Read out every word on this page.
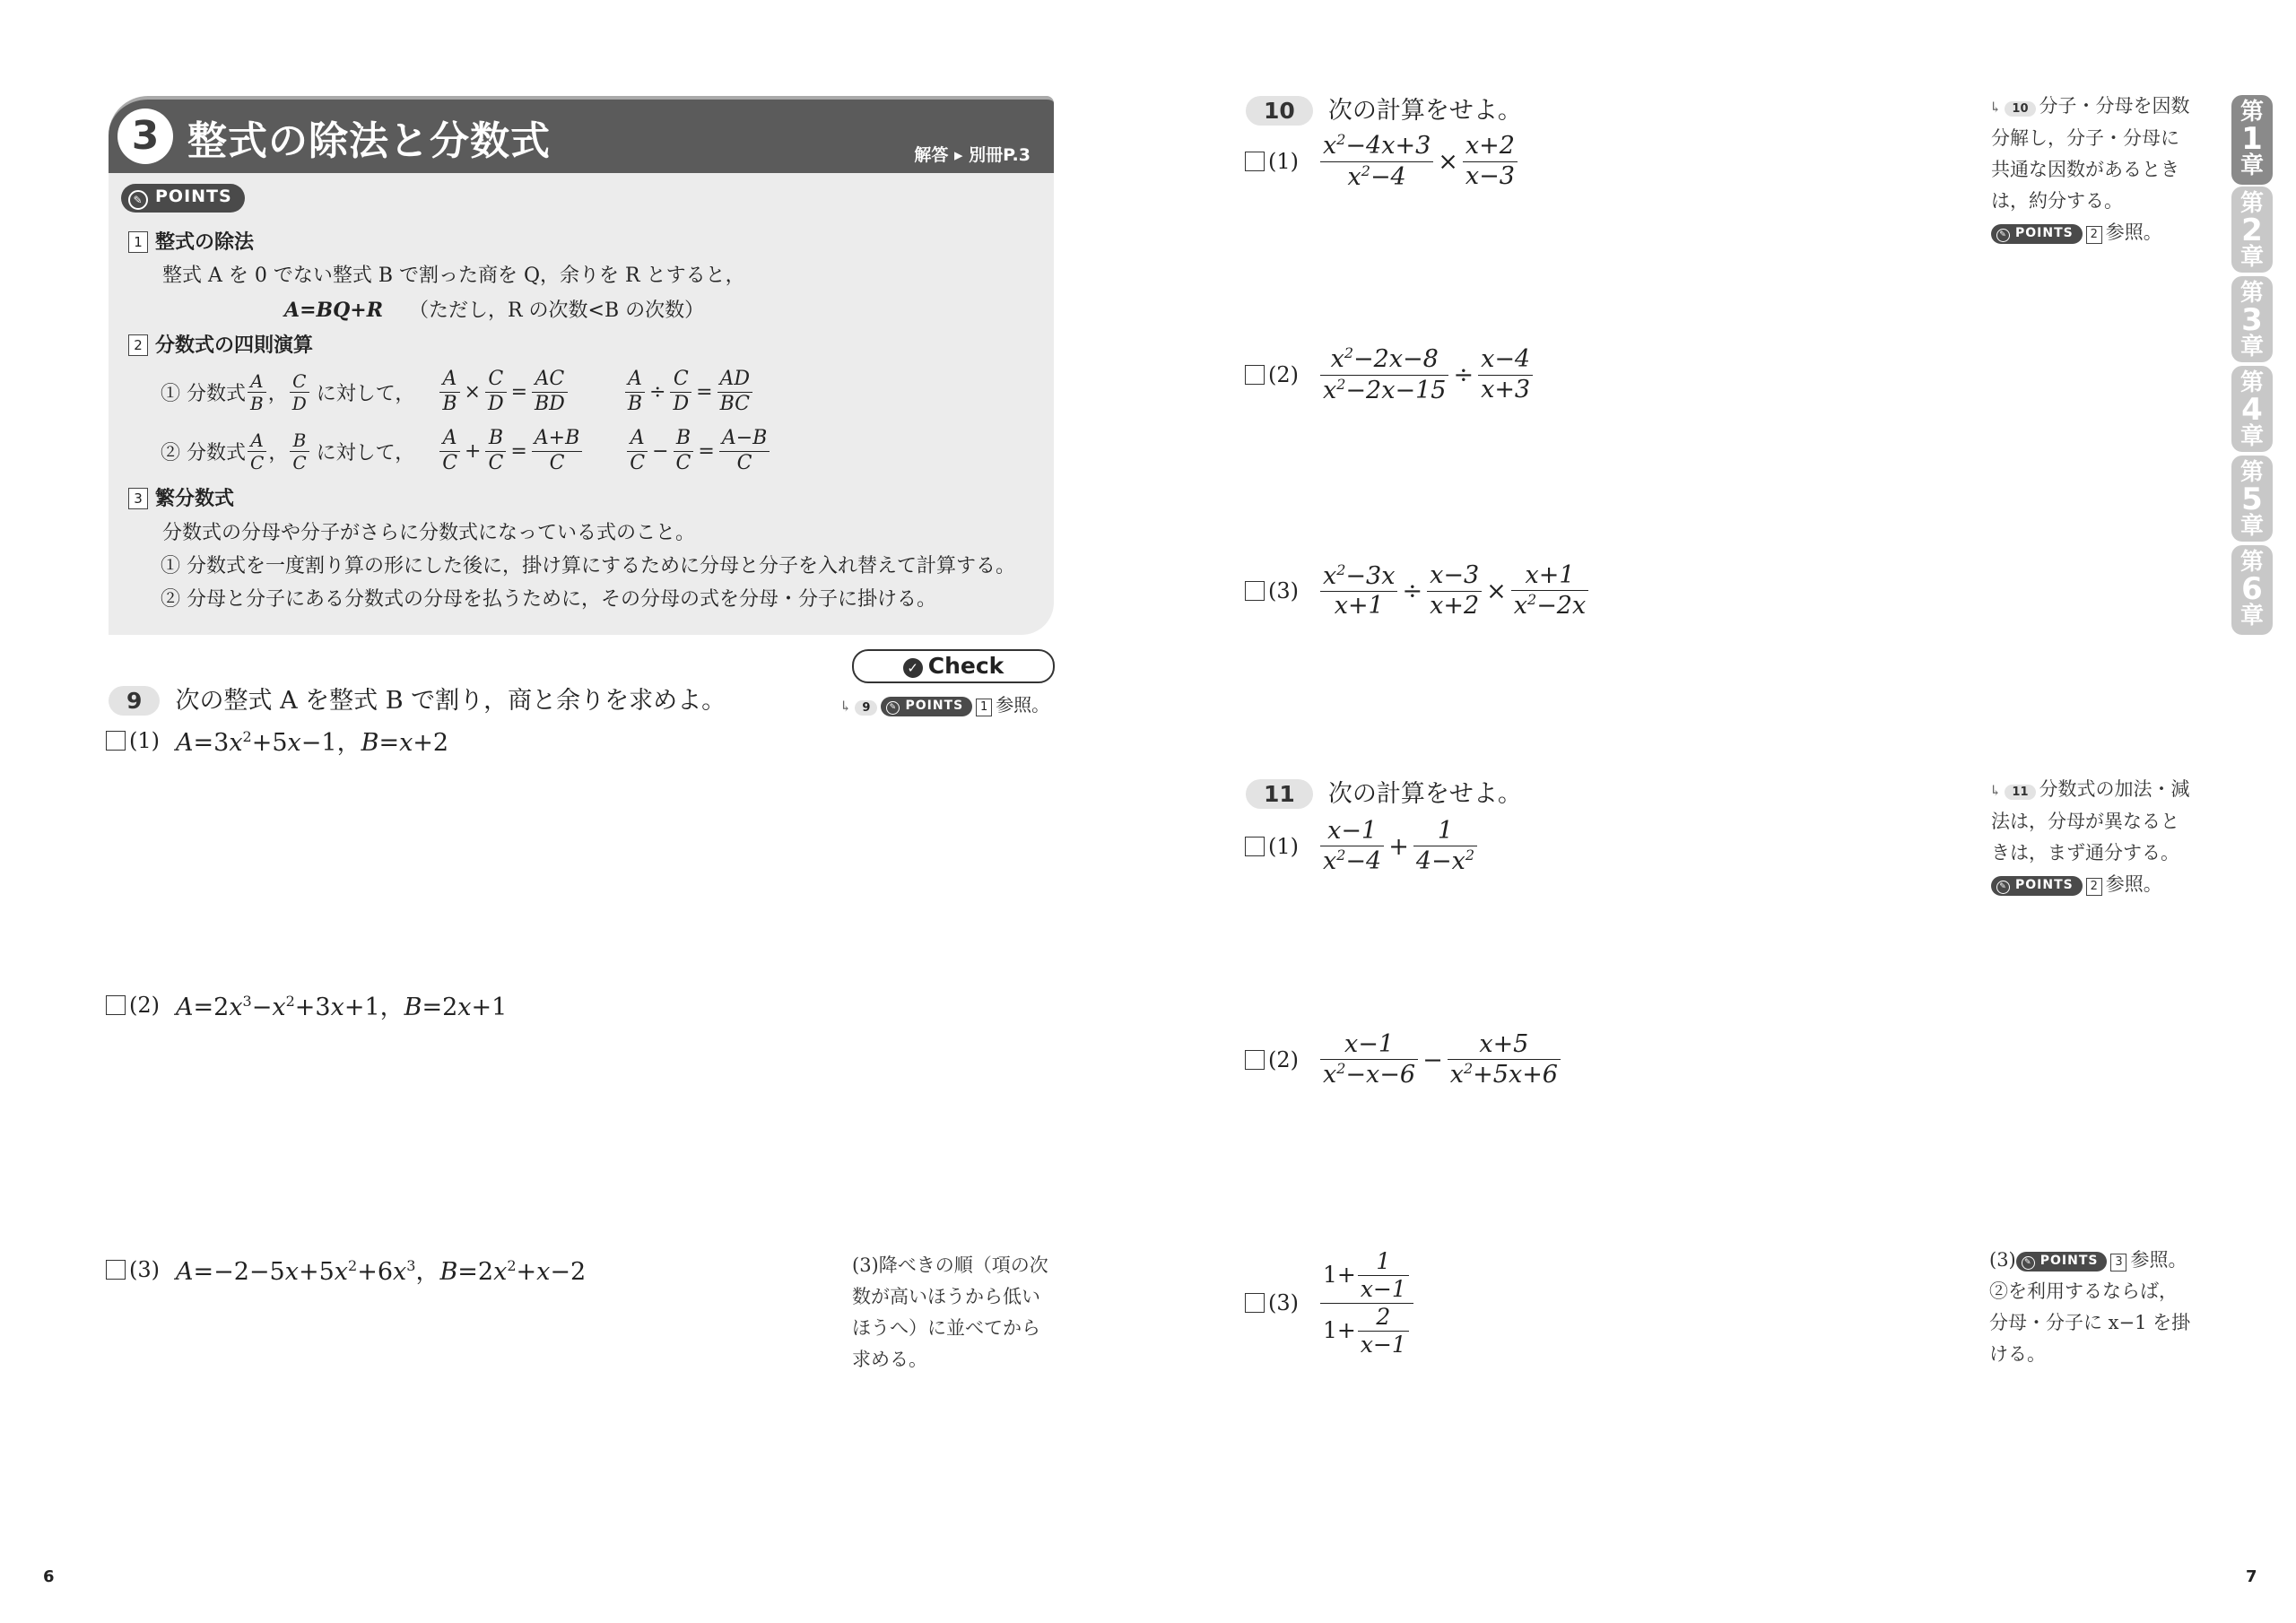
3 整式の除法と分数式	解答 ▸ 別冊P.3
✎ POINTS
1 整式の除法
整式 A を 0 でない整式 B で割った商を Q，余りを R とすると，
A=BQ+R （ただし，R の次数<B の次数）
2 分数式の四則演算
① 分数式 $\frac{A}{B}$ ， $\frac{C}{D}$ に対して， $\frac{A}{B} \times \frac{C}{D} = \frac{AC}{BD}$	$\frac{A}{B} \div \frac{C}{D} = \frac{AD}{BC}$
② 分数式 $\frac{A}{C}$ ， $\frac{B}{C}$ に対して， $\frac{A}{C} + \frac{B}{C} = \frac{A+B}{C} \frac{A}{C} - \frac{B}{C} = \frac{A-B}{C}$
3 繁分数式
分数式の分母や分子がさらに分数式になっている式のこと。
① 分数式を一度割り算の形にした後に，掛け算にするために分母と分子を入れ替えて計算する。
② 分母と分子にある分数式の分母を払うために，その分母の式を分母・分子に掛ける。
✓ Check
↳ 9 ✎ POINTS 1 参照。
9 次の整式 A を整式 B で割り，商と余りを求めよ。
(1) $A=3x^2+5x-1$，B=x+2
(2) $A=2x^3-x^2+3x+1$，B=2x+1
(3) $A=-2-5x+5x^2+6x^3$，$B=2x^2+x-2$	(3)降べきの順（項の次
数が高いほうから低い
ほうへ）に並べてから
求める。
6
10 次の計算をせよ。
$(1) \frac{x^2-4x+3}{x^2-4} \times \frac{x+2}{x-3}$
$(2) \frac{x^2-2x-8}{x^2-2x-15} \div \frac{x-4}{x+3}$
$(3) \frac{x^2-3x}{x+1} \div \frac{x-3}{x+2} \times \frac{x+1}{x^2-2x}$
↳ 10 分子・分母を因数
分解し，分子・分母に
共通な因数があるとき
は，約分する。
✎ POINTS 2 参照。
11 次の計算をせよ。
$(1) \frac{x-1}{x^2-4} + \frac{1}{4-x^2}$
$(2) \frac{x-1}{x^2-x-6} - \frac{x+5}{x^2+5x+6}$
$(3) \frac{1+ \frac{1}{x-1}}{1+ \frac{2}{x-1}}$
↳ 11 分数式の加法・減
法は，分母が異なると
きは，まず通分する。
✎ POINTS 2 参照。
(3) ✎ POINTS 3 参照。
②を利用するならば，
分母・分子に x−1 を掛
ける。
第
1
章
第
2
章
第
3
章
第
4
章
第
5
章
第
6
章
7
